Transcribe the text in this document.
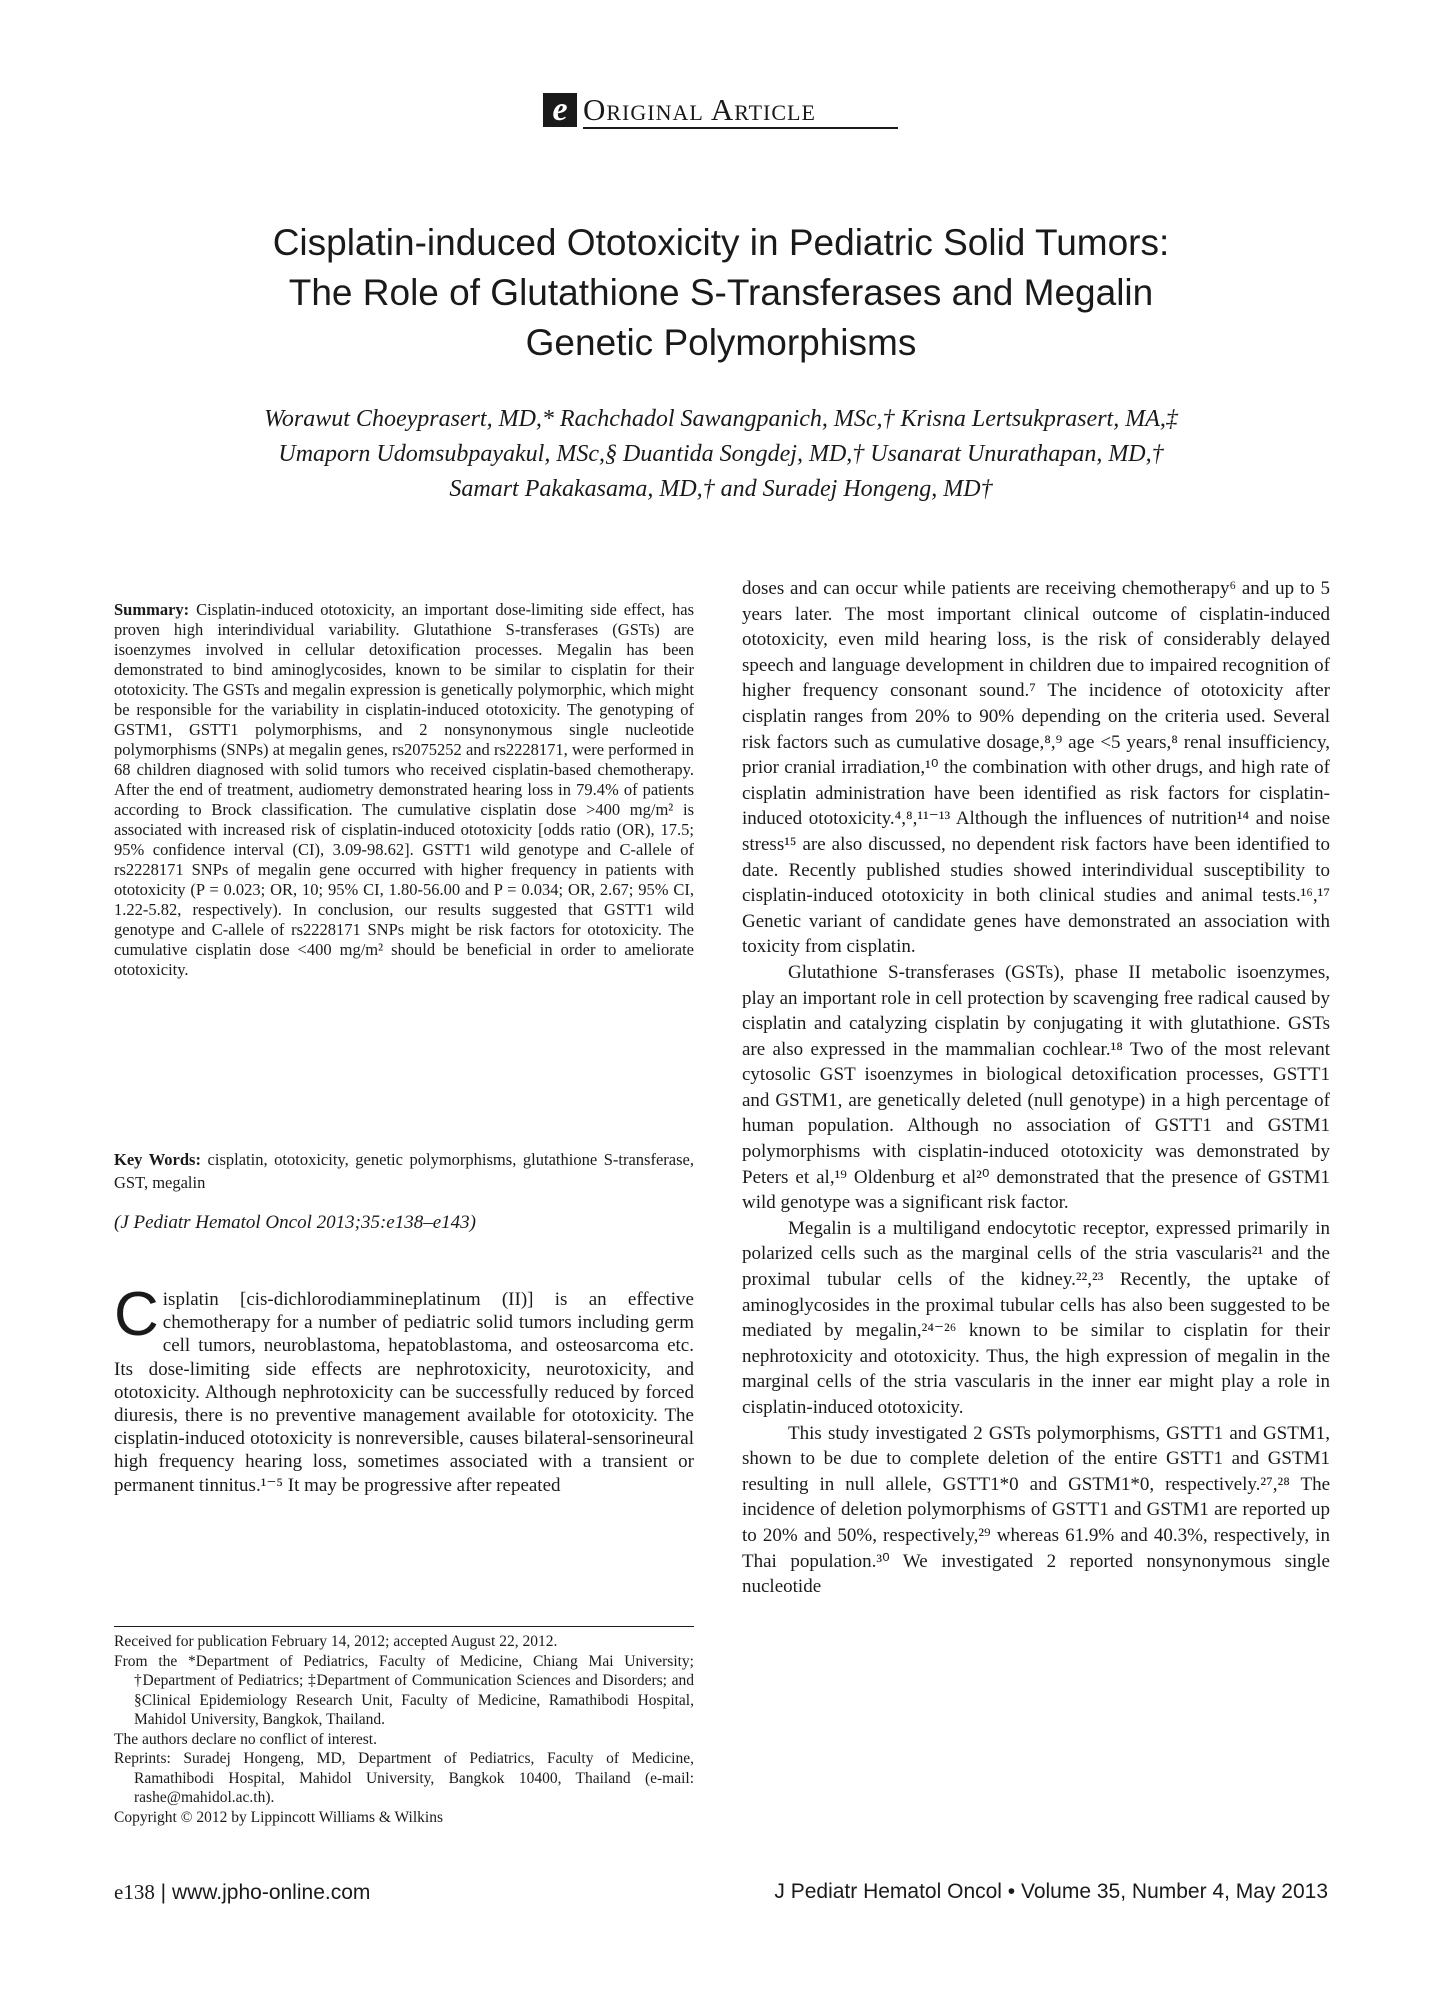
e Original Article
Cisplatin-induced Ototoxicity in Pediatric Solid Tumors:
The Role of Glutathione S-Transferases and Megalin
Genetic Polymorphisms
Worawut Choeyprasert, MD,* Rachchadol Sawangpanich, MSc,† Krisna Lertsukprasert, MA,‡
Umaporn Udomsubpayakul, MSc,§ Duantida Songdej, MD,† Usanarat Unurathapan, MD,†
Samart Pakakasama, MD,† and Suradej Hongeng, MD†
Summary: Cisplatin-induced ototoxicity, an important dose-limiting side effect, has proven high interindividual variability. Glutathione S-transferases (GSTs) are isoenzymes involved in cellular detoxification processes. Megalin has been demonstrated to bind aminoglycosides, known to be similar to cisplatin for their ototoxicity. The GSTs and megalin expression is genetically polymorphic, which might be responsible for the variability in cisplatin-induced ototoxicity. The genotyping of GSTM1, GSTT1 polymorphisms, and 2 nonsynonymous single nucleotide polymorphisms (SNPs) at megalin genes, rs2075252 and rs2228171, were performed in 68 children diagnosed with solid tumors who received cisplatin-based chemotherapy. After the end of treatment, audiometry demonstrated hearing loss in 79.4% of patients according to Brock classification. The cumulative cisplatin dose >400 mg/m² is associated with increased risk of cisplatin-induced ototoxicity [odds ratio (OR), 17.5; 95% confidence interval (CI), 3.09-98.62]. GSTT1 wild genotype and C-allele of rs2228171 SNPs of megalin gene occurred with higher frequency in patients with ototoxicity (P = 0.023; OR, 10; 95% CI, 1.80-56.00 and P = 0.034; OR, 2.67; 95% CI, 1.22-5.82, respectively). In conclusion, our results suggested that GSTT1 wild genotype and C-allele of rs2228171 SNPs might be risk factors for ototoxicity. The cumulative cisplatin dose <400 mg/m² should be beneficial in order to ameliorate ototoxicity.
Key Words: cisplatin, ototoxicity, genetic polymorphisms, glutathione S-transferase, GST, megalin
(J Pediatr Hematol Oncol 2013;35:e138–e143)
Cisplatin [cis-dichlorodiammineplatinum (II)] is an effective chemotherapy for a number of pediatric solid tumors including germ cell tumors, neuroblastoma, hepatoblastoma, and osteosarcoma etc. Its dose-limiting side effects are nephrotoxicity, neurotoxicity, and ototoxicity. Although nephrotoxicity can be successfully reduced by forced diuresis, there is no preventive management available for ototoxicity. The cisplatin-induced ototoxicity is nonreversible, causes bilateral-sensorineural high frequency hearing loss, sometimes associated with a transient or permanent tinnitus.¹⁻⁵ It may be progressive after repeated
Received for publication February 14, 2012; accepted August 22, 2012.
From the *Department of Pediatrics, Faculty of Medicine, Chiang Mai University; †Department of Pediatrics; ‡Department of Communication Sciences and Disorders; and §Clinical Epidemiology Research Unit, Faculty of Medicine, Ramathibodi Hospital, Mahidol University, Bangkok, Thailand.
The authors declare no conflict of interest.
Reprints: Suradej Hongeng, MD, Department of Pediatrics, Faculty of Medicine, Ramathibodi Hospital, Mahidol University, Bangkok 10400, Thailand (e-mail: rashe@mahidol.ac.th).
Copyright © 2012 by Lippincott Williams & Wilkins

doses and can occur while patients are receiving chemotherapy⁶ and up to 5 years later. The most important clinical outcome of cisplatin-induced ototoxicity, even mild hearing loss, is the risk of considerably delayed speech and language development in children due to impaired recognition of higher frequency consonant sound.⁷ The incidence of ototoxicity after cisplatin ranges from 20% to 90% depending on the criteria used. Several risk factors such as cumulative dosage,⁸,⁹ age <5 years,⁸ renal insufficiency, prior cranial irradiation,¹⁰ the combination with other drugs, and high rate of cisplatin administration have been identified as risk factors for cisplatin-induced ototoxicity.⁴,⁸,¹¹⁻¹³ Although the influences of nutrition¹⁴ and noise stress¹⁵ are also discussed, no dependent risk factors have been identified to date. Recently published studies showed interindividual susceptibility to cisplatin-induced ototoxicity in both clinical studies and animal tests.¹⁶,¹⁷ Genetic variant of candidate genes have demonstrated an association with toxicity from cisplatin.

Glutathione S-transferases (GSTs), phase II metabolic isoenzymes, play an important role in cell protection by scavenging free radical caused by cisplatin and catalyzing cisplatin by conjugating it with glutathione. GSTs are also expressed in the mammalian cochlear.¹⁸ Two of the most relevant cytosolic GST isoenzymes in biological detoxification processes, GSTT1 and GSTM1, are genetically deleted (null genotype) in a high percentage of human population. Although no association of GSTT1 and GSTM1 polymorphisms with cisplatin-induced ototoxicity was demonstrated by Peters et al,¹⁹ Oldenburg et al²⁰ demonstrated that the presence of GSTM1 wild genotype was a significant risk factor.

Megalin is a multiligand endocytotic receptor, expressed primarily in polarized cells such as the marginal cells of the stria vascularis²¹ and the proximal tubular cells of the kidney.²²,²³ Recently, the uptake of aminoglycosides in the proximal tubular cells has also been suggested to be mediated by megalin,²⁴⁻²⁶ known to be similar to cisplatin for their nephrotoxicity and ototoxicity. Thus, the high expression of megalin in the marginal cells of the stria vascularis in the inner ear might play a role in cisplatin-induced ototoxicity.

This study investigated 2 GSTs polymorphisms, GSTT1 and GSTM1, shown to be due to complete deletion of the entire GSTT1 and GSTM1 resulting in null allele, GSTT1*0 and GSTM1*0, respectively.²⁷,²⁸ The incidence of deletion polymorphisms of GSTT1 and GSTM1 are reported up to 20% and 50%, respectively,²⁹ whereas 61.9% and 40.3%, respectively, in Thai population.³⁰ We investigated 2 reported nonsynonymous single nucleotide

e138 | www.jpho-online.com	J Pediatr Hematol Oncol • Volume 35, Number 4, May 2013
